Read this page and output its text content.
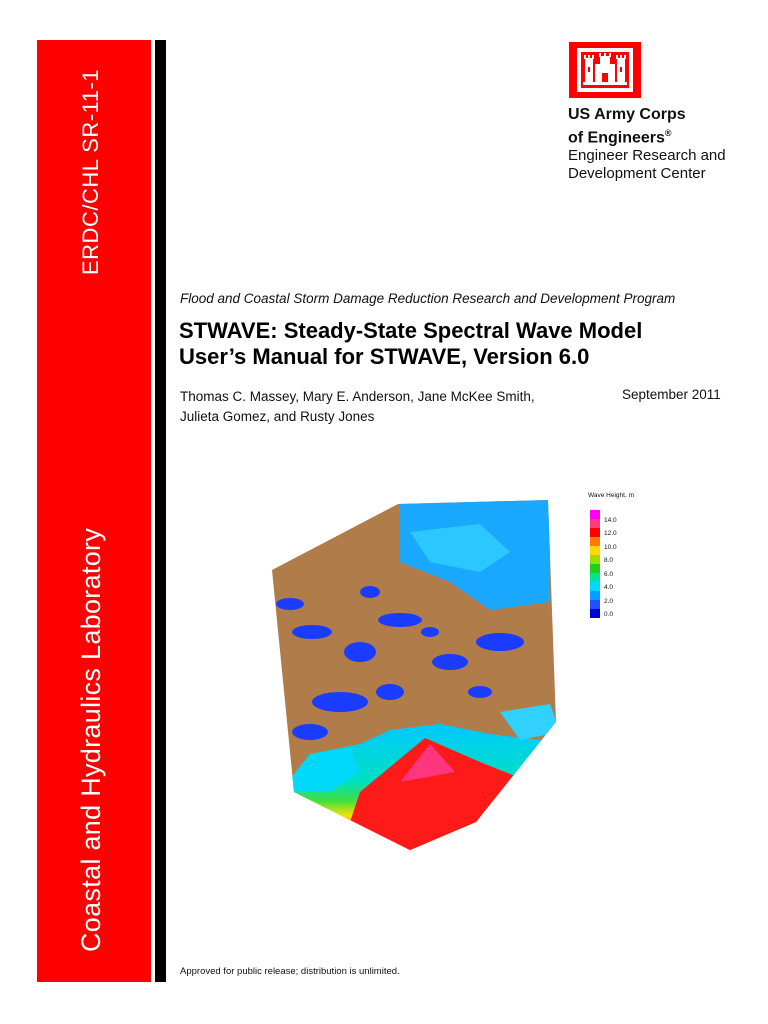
ERDC/CHL SR-11-1
Coastal and Hydraulics Laboratory
US Army Corps
of Engineers®
Engineer Research and
Development Center
Flood and Coastal Storm Damage Reduction Research and Development Program
STWAVE: Steady-State Spectral Wave Model
User’s Manual for STWAVE, Version 6.0
Thomas C. Massey, Mary E. Anderson, Jane McKee Smith,
Julieta Gomez, and Rusty Jones
September 2011
Wave Height, m
14.0
12.0
10.0
8.0
6.0
4.0
2.0
0.0
Approved for public release; distribution is unlimited.
